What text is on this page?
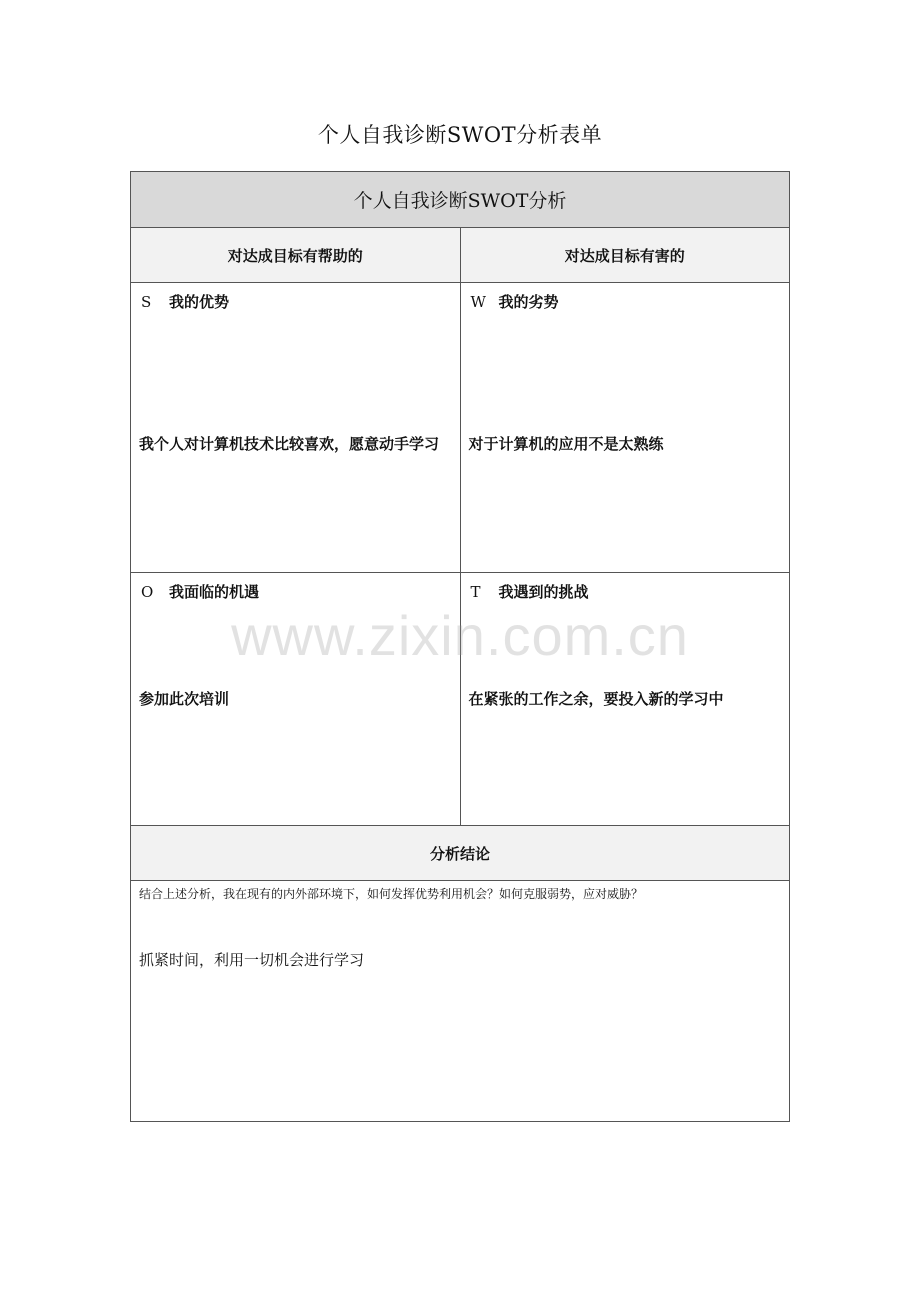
个人自我诊断SWOT分析表单
个人自我诊断SWOT分析
对达成目标有帮助的	对达成目标有害的
S 我的优势
我个人对计算机技术比较喜欢，愿意动手学习
W 我的劣势
对于计算机的应用不是太熟练
O 我面临的机遇
参加此次培训
T 我遇到的挑战
在紧张的工作之余，要投入新的学习中
分析结论
结合上述分析，我在现有的内外部环境下，如何发挥优势利用机会？如何克服弱势，应对威胁？
抓紧时间，利用一切机会进行学习
www.zixin.com.cn
